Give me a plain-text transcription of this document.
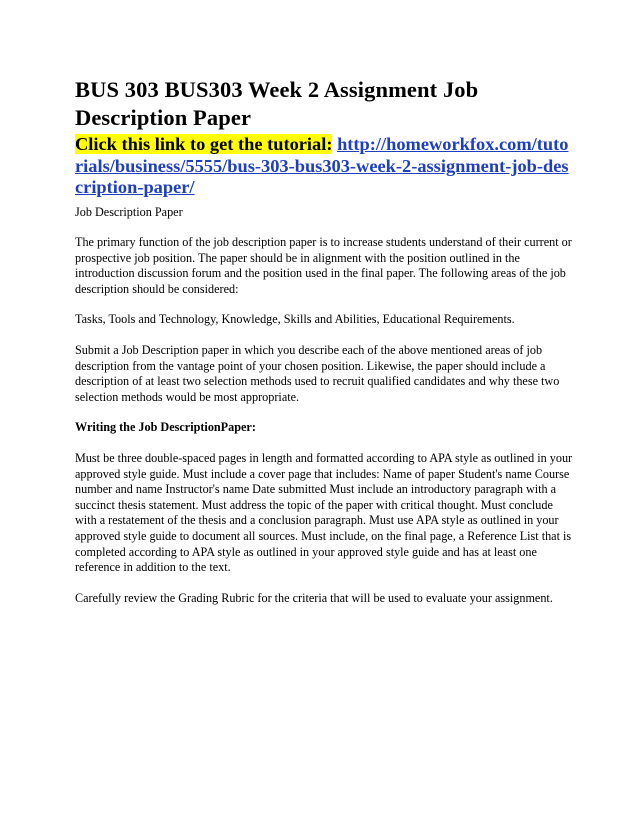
BUS 303 BUS303 Week 2 Assignment Job Description Paper
Click this link to get the tutorial: http://homeworkfox.com/tutorials/business/5555/bus-303-bus303-week-2-assignment-job-description-paper/

Job Description Paper

The primary function of the job description paper is to increase students understand of their current or prospective job position. The paper should be in alignment with the position outlined in the introduction discussion forum and the position used in the final paper. The following areas of the job description should be considered:

Tasks, Tools and Technology, Knowledge, Skills and Abilities, Educational Requirements.

Submit a Job Description paper in which you describe each of the above mentioned areas of job description from the vantage point of your chosen position. Likewise, the paper should include a description of at least two selection methods used to recruit qualified candidates and why these two selection methods would be most appropriate.

Writing the Job DescriptionPaper:

Must be three double-spaced pages in length and formatted according to APA style as outlined in your approved style guide. Must include a cover page that includes: Name of paper Student's name Course number and name Instructor's name Date submitted Must include an introductory paragraph with a succinct thesis statement. Must address the topic of the paper with critical thought. Must conclude with a restatement of the thesis and a conclusion paragraph. Must use APA style as outlined in your approved style guide to document all sources. Must include, on the final page, a Reference List that is completed according to APA style as outlined in your approved style guide and has at least one reference in addition to the text.

Carefully review the Grading Rubric for the criteria that will be used to evaluate your assignment.
